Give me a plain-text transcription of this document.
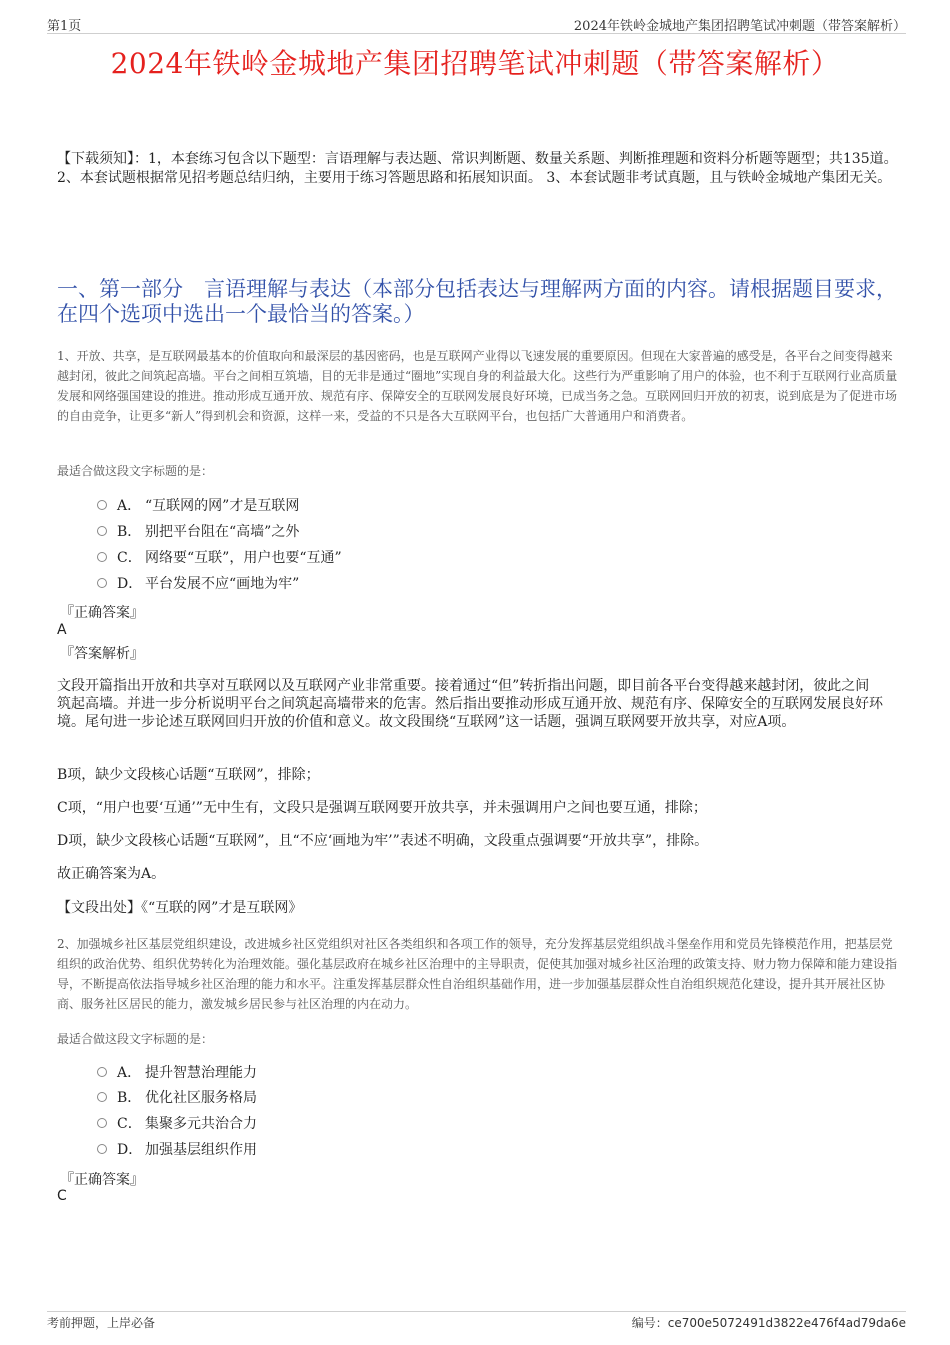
第1页	2024年铁岭金城地产集团招聘笔试冲刺题（带答案解析）
2024年铁岭金城地产集团招聘笔试冲刺题（带答案解析）
【下载须知】：1，本套练习包含以下题型：言语理解与表达题、常识判断题、数量关系题、判断推理题和资料分析题等题型；共135道。 2、本套试题根据常见招考题总结归纳，主要用于练习答题思路和拓展知识面。 3、本套试题非考试真题，且与铁岭金城地产集团无关。
一、第一部分　言语理解与表达（本部分包括表达与理解两方面的内容。请根据题目要求，在四个选项中选出一个最恰当的答案。）
1、开放、共享，是互联网最基本的价值取向和最深层的基因密码，也是互联网产业得以飞速发展的重要原因。但现在大家普遍的感受是，各平台之间变得越来越封闭，彼此之间筑起高墙。平台之间相互筑墙，目的无非是通过“圈地”实现自身的利益最大化。这些行为严重影响了用户的体验，也不利于互联网行业高质量发展和网络强国建设的推进。推动形成互通开放、规范有序、保障安全的互联网发展良好环境，已成当务之急。互联网回归开放的初衷，说到底是为了促进市场的自由竞争，让更多“新人”得到机会和资源，这样一来，受益的不只是各大互联网平台，也包括广大普通用户和消费者。
最适合做这段文字标题的是：
A． “互联网的网”才是互联网
B． 别把平台阻在“高墙”之外
C． 网络要“互联”，用户也要“互通”
D． 平台发展不应“画地为牢”
『正确答案』
A
『答案解析』
文段开篇指出开放和共享对互联网以及互联网产业非常重要。接着通过“但”转折指出问题，即目前各平台变得越来越封闭，彼此之间筑起高墙。并进一步分析说明平台之间筑起高墙带来的危害。然后指出要推动形成互通开放、规范有序、保障安全的互联网发展良好环境。尾句进一步论述互联网回归开放的价值和意义。故文段围绕“互联网”这一话题，强调互联网要开放共享，对应A项。
B项，缺少文段核心话题“互联网”，排除；
C项，“用户也要‘互通’”无中生有，文段只是强调互联网要开放共享，并未强调用户之间也要互通，排除；
D项，缺少文段核心话题“互联网”，且“不应‘画地为牢’”表述不明确，文段重点强调要“开放共享”，排除。
故正确答案为A。
【文段出处】《“互联的网”才是互联网》
2、加强城乡社区基层党组织建设，改进城乡社区党组织对社区各类组织和各项工作的领导，充分发挥基层党组织战斗堡垒作用和党员先锋模范作用，把基层党组织的政治优势、组织优势转化为治理效能。强化基层政府在城乡社区治理中的主导职责，促使其加强对城乡社区治理的政策支持、财力物力保障和能力建设指导，不断提高依法指导城乡社区治理的能力和水平。注重发挥基层群众性自治组织基础作用，进一步加强基层群众性自治组织规范化建设，提升其开展社区协商、服务社区居民的能力，激发城乡居民参与社区治理的内在动力。
最适合做这段文字标题的是：
A． 提升智慧治理能力
B． 优化社区服务格局
C． 集聚多元共治合力
D． 加强基层组织作用
『正确答案』
C
考前押题，上岸必备	编号：ce700e5072491d3822e476f4ad79da6e
